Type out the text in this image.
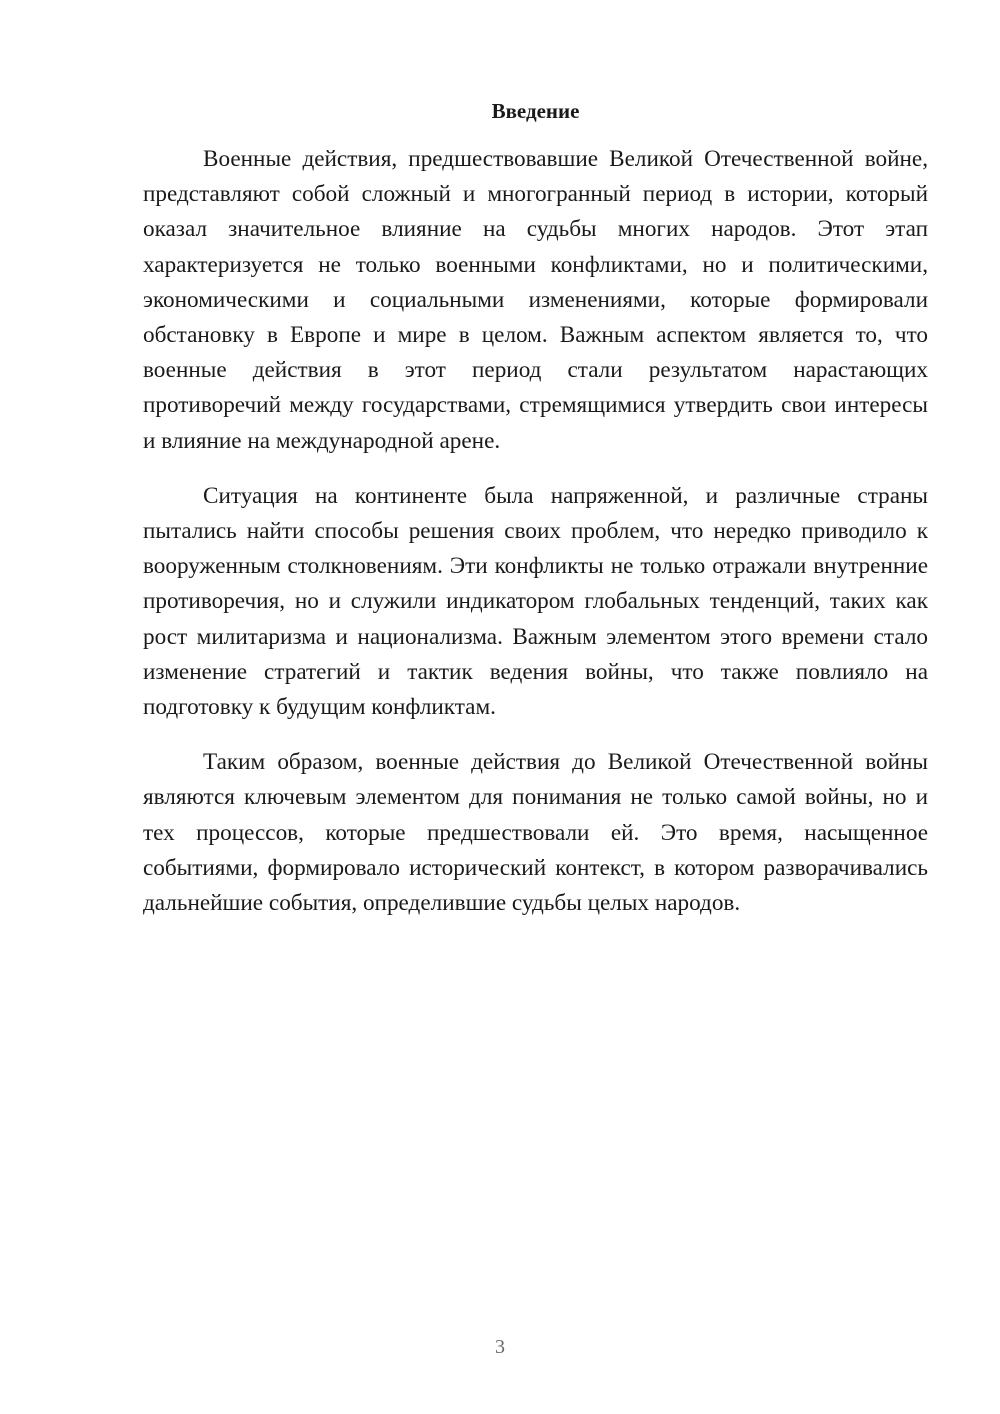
Введение

Военные действия, предшествовавшие Великой Отечественной войне, представляют собой сложный и многогранный период в истории, который оказал значительное влияние на судьбы многих народов. Этот этап характеризуется не только военными конфликтами, но и политическими, экономическими и социальными изменениями, которые формировали обстановку в Европе и мире в целом. Важным аспектом является то, что военные действия в этот период стали результатом нарастающих противоречий между государствами, стремящимися утвердить свои интересы и влияние на международной арене.

Ситуация на континенте была напряженной, и различные страны пытались найти способы решения своих проблем, что нередко приводило к вооруженным столкновениям. Эти конфликты не только отражали внутренние противоречия, но и служили индикатором глобальных тенденций, таких как рост милитаризма и национализма. Важным элементом этого времени стало изменение стратегий и тактик ведения войны, что также повлияло на подготовку к будущим конфликтам.

Таким образом, военные действия до Великой Отечественной войны являются ключевым элементом для понимания не только самой войны, но и тех процессов, которые предшествовали ей. Это время, насыщенное событиями, формировало исторический контекст, в котором разворачивались дальнейшие события, определившие судьбы целых народов.

3
